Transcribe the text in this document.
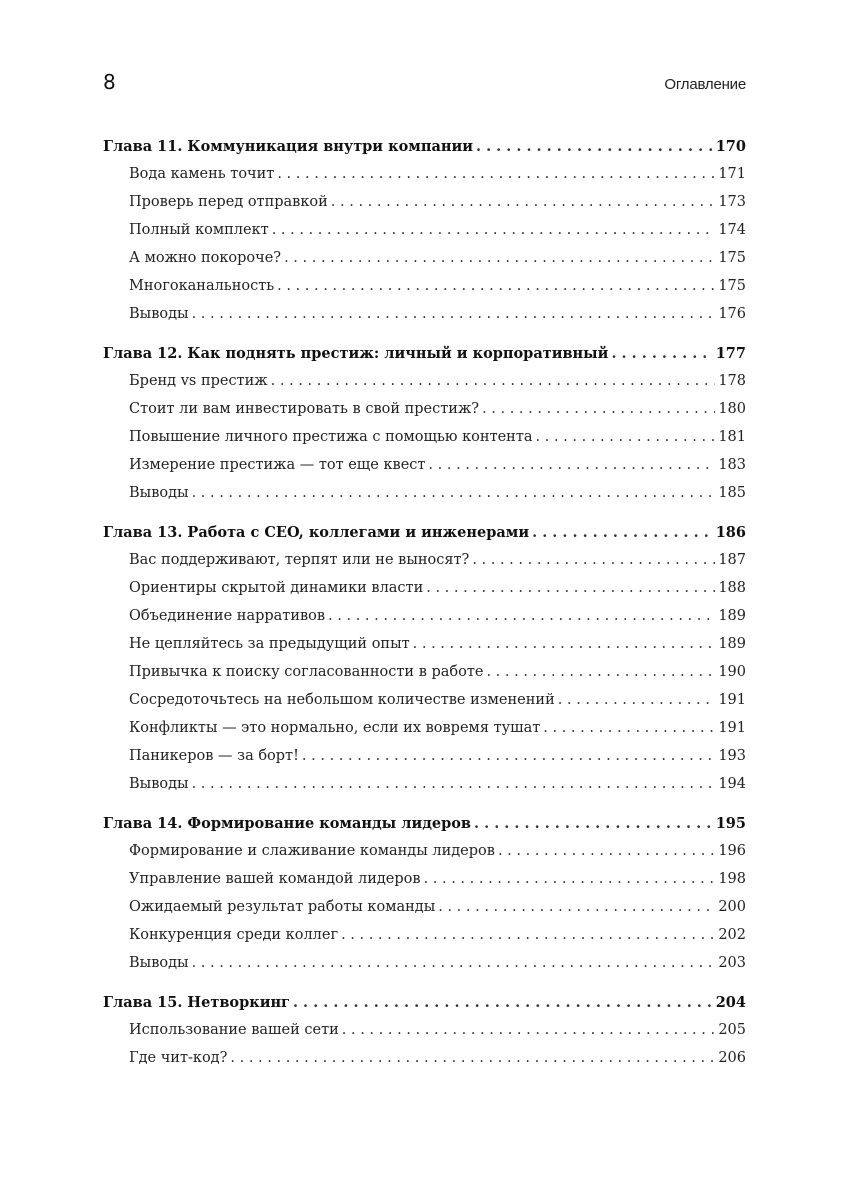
8	Оглавление
Глава 11. Коммуникация внутри компании . . .	170
Вода камень точит . . .	171
Проверь перед отправкой . . .	173
Полный комплект . . .	174
А можно покороче? . . .	175
Многоканальность . . .	175
Выводы . . .	176
Глава 12. Как поднять престиж: личный и корпоративный . . .	177
Бренд vs престиж . . .	178
Стоит ли вам инвестировать в свой престиж? . . .	180
Повышение личного престижа с помощью контента . . .	181
Измерение престижа — тот еще квест . . .	183
Выводы . . .	185
Глава 13. Работа с CEO, коллегами и инженерами . . .	186
Вас поддерживают, терпят или не выносят? . . .	187
Ориентиры скрытой динамики власти . . .	188
Объединение нарративов . . .	189
Не цепляйтесь за предыдущий опыт . . .	189
Привычка к поиску согласованности в работе . . .	190
Сосредоточьтесь на небольшом количестве изменений . . .	191
Конфликты — это нормально, если их вовремя тушат . . .	191
Паникеров — за борт! . . .	193
Выводы . . .	194
Глава 14. Формирование команды лидеров . . .	195
Формирование и слаживание команды лидеров . . .	196
Управление вашей командой лидеров . . .	198
Ожидаемый результат работы команды . . .	200
Конкуренция среди коллег . . .	202
Выводы . . .	203
Глава 15. Нетворкинг . . .	204
Использование вашей сети . . .	205
Где чит-код? . . .	206
